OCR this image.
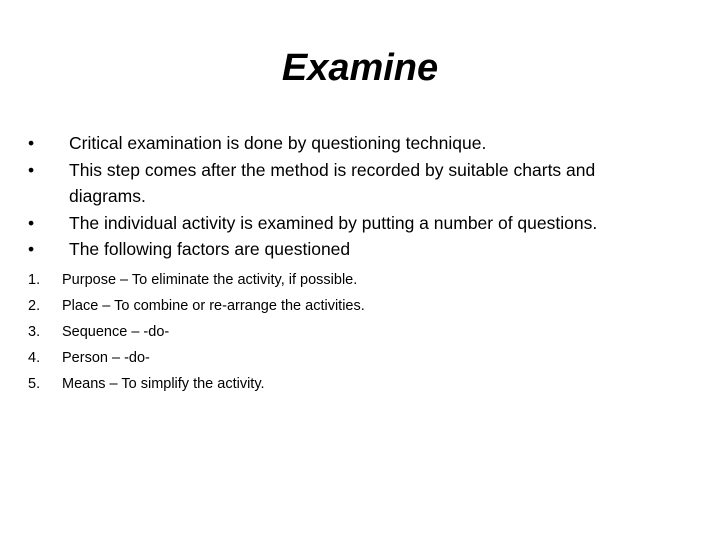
Examine
•	Critical examination is done by questioning technique.
•	This step comes after the method is recorded by suitable charts and diagrams.
•	The individual activity is examined by putting a number of questions.
•	The following factors are questioned
1.	Purpose – To eliminate the activity, if possible.
2.	Place – To combine or re-arrange the activities.
3.	Sequence – -do-
4.	Person – -do-
5.	Means – To simplify the activity.
